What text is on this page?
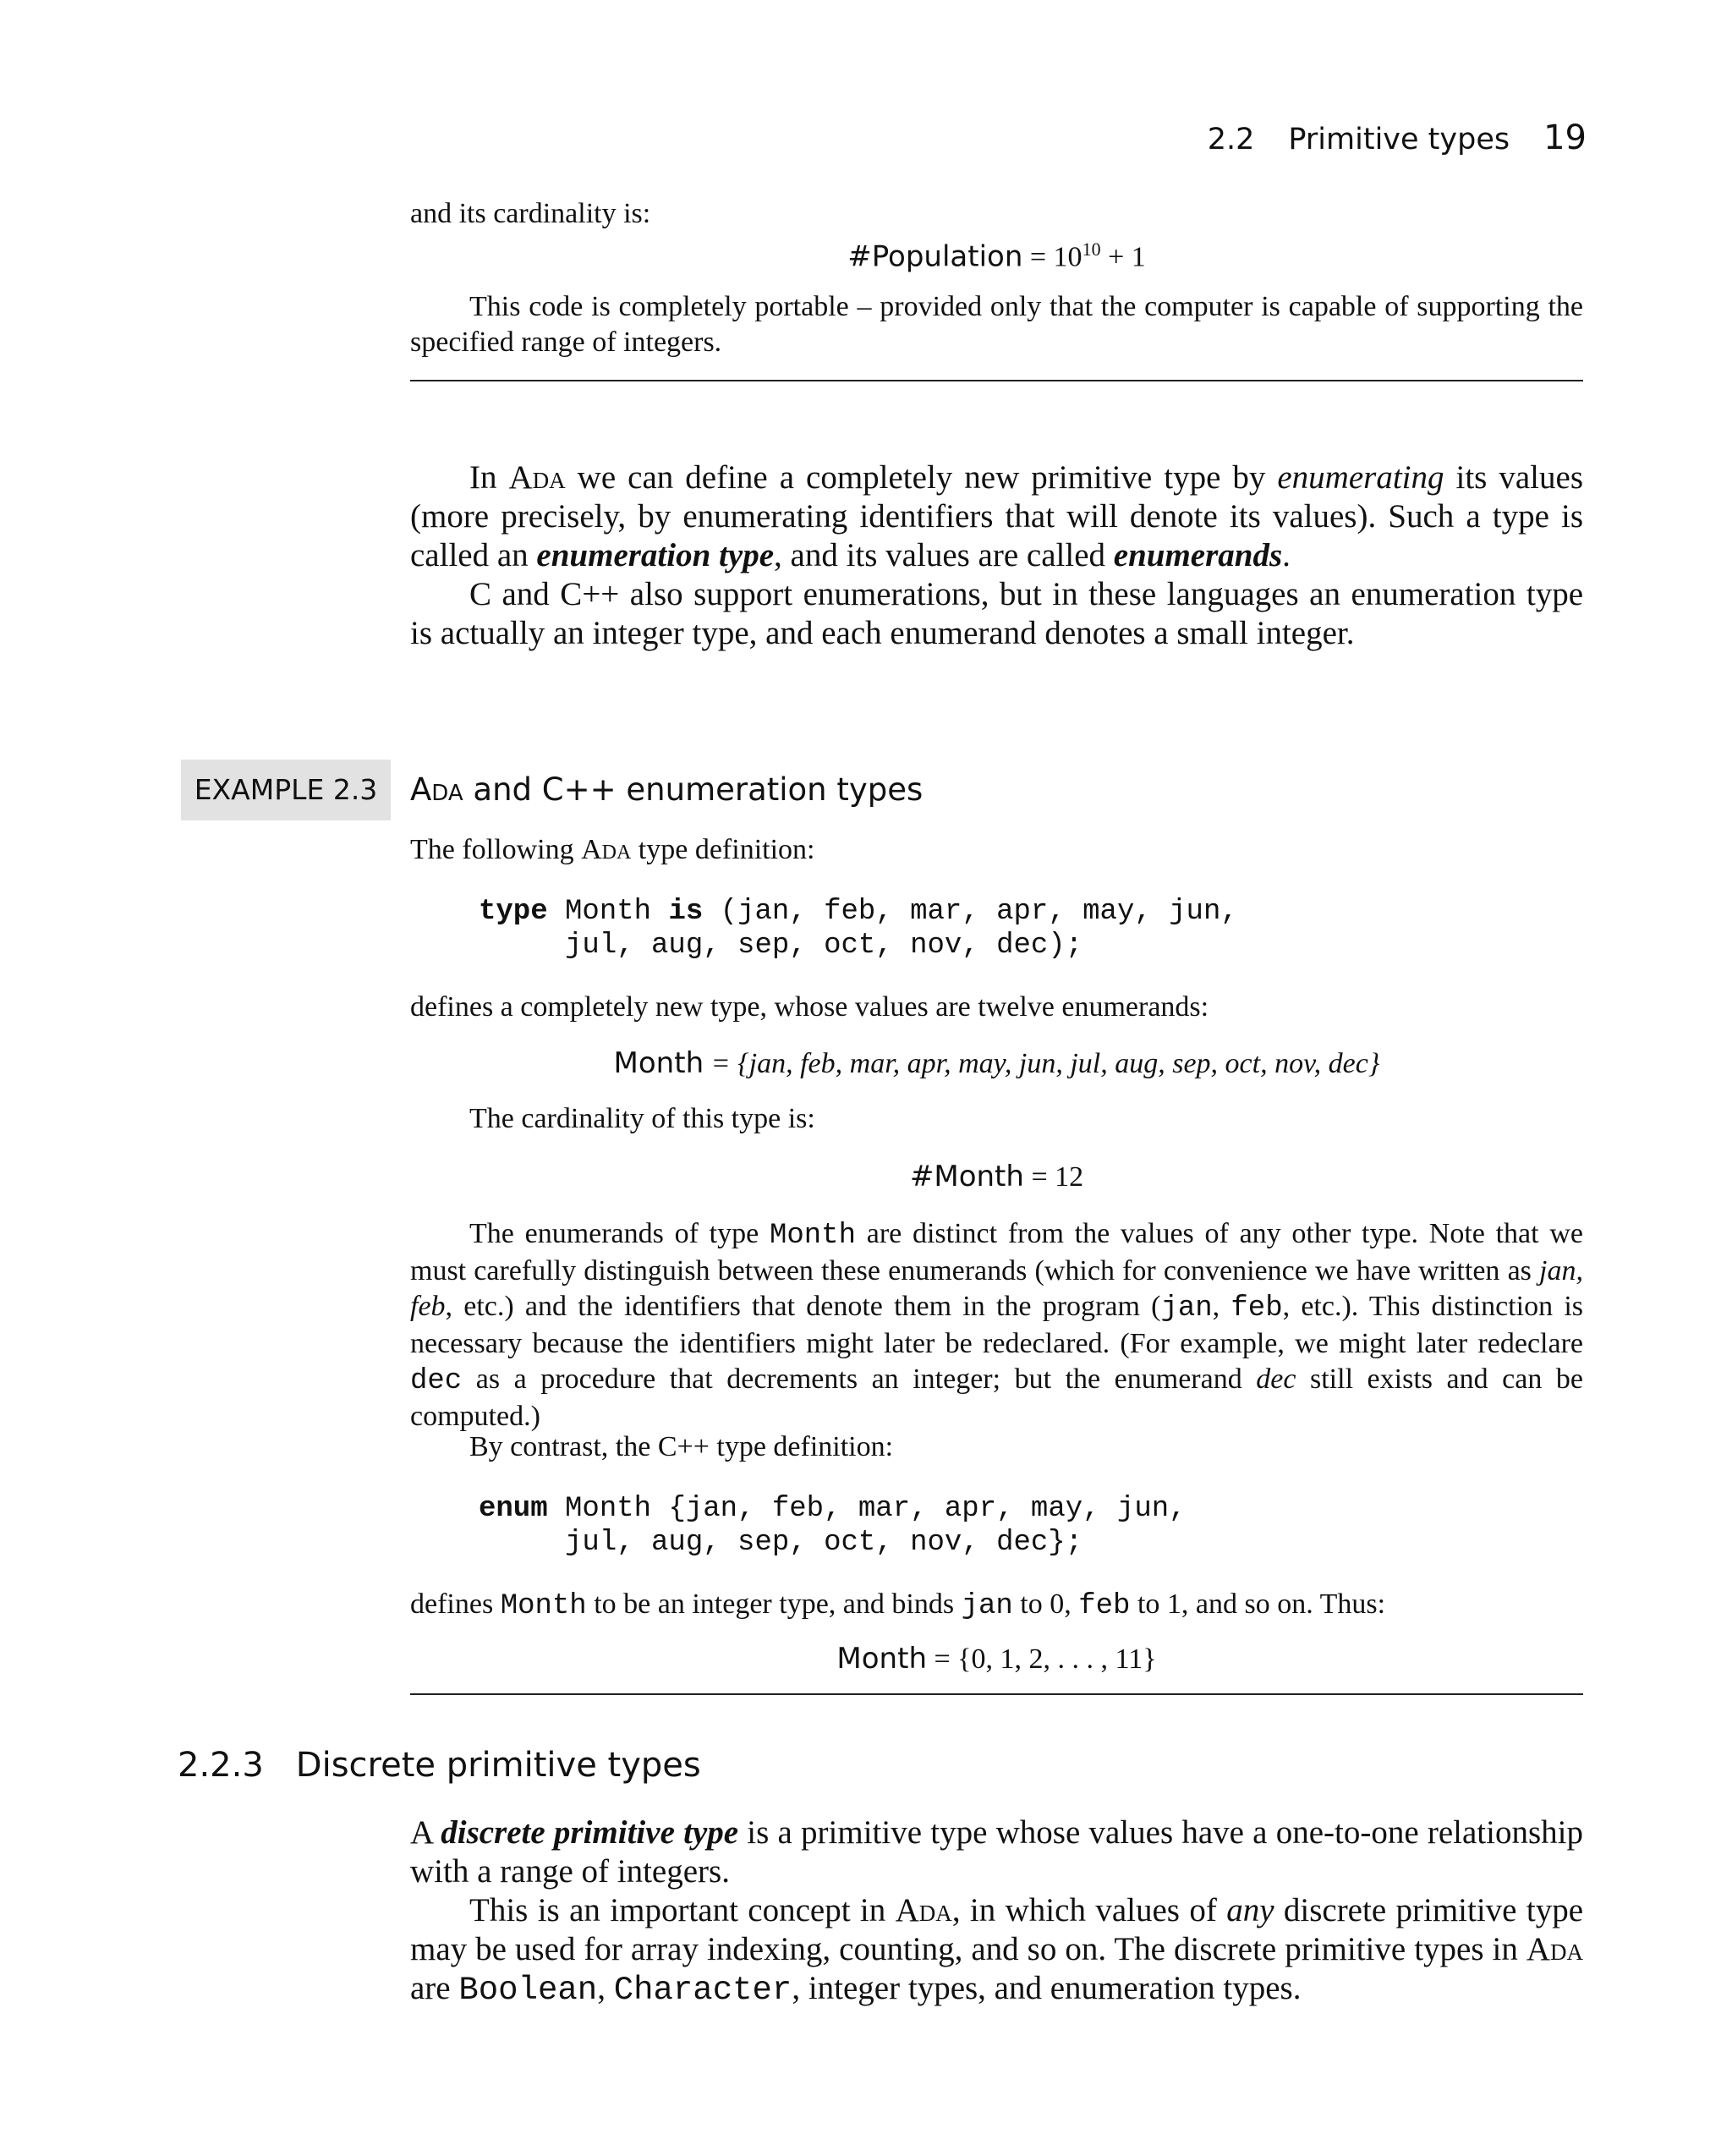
2.2 Primitive types 19
and its cardinality is:
#Population = $10^{10} + 1$
This code is completely portable – provided only that the computer is capable of supporting the specified range of integers.
In Ada we can define a completely new primitive type by enumerating its values (more precisely, by enumerating identifiers that will denote its values). Such a type is called an enumeration type, and its values are called enumerands.
C and C++ also support enumerations, but in these languages an enumeration type is actually an integer type, and each enumerand denotes a small integer.
EXAMPLE 2.3	Ada and C++ enumeration types
The following Ada type definition:
type Month is (jan, feb, mar, apr, may, jun,
jul, aug, sep, oct, nov, dec);
defines a completely new type, whose values are twelve enumerands:
Month = {jan, feb, mar, apr, may, jun, jul, aug, sep, oct, nov, dec}
The cardinality of this type is:
#Month = 12
The enumerands of type Month are distinct from the values of any other type. Note that we must carefully distinguish between these enumerands (which for convenience we have written as jan, feb, etc.) and the identifiers that denote them in the program (jan, feb, etc.). This distinction is necessary because the identifiers might later be redeclared. (For example, we might later redeclare dec as a procedure that decrements an integer; but the enumerand dec still exists and can be computed.)
By contrast, the C++ type definition:
enum Month {jan, feb, mar, apr, may, jun,
jul, aug, sep, oct, nov, dec};
defines Month to be an integer type, and binds jan to 0, feb to 1, and so on. Thus:
Month = {0, 1, 2, . . . , 11}
2.2.3 Discrete primitive types
A discrete primitive type is a primitive type whose values have a one-to-one relationship with a range of integers.
This is an important concept in Ada, in which values of any discrete primitive type may be used for array indexing, counting, and so on. The discrete primitive types in Ada are Boolean, Character, integer types, and enumeration types.
